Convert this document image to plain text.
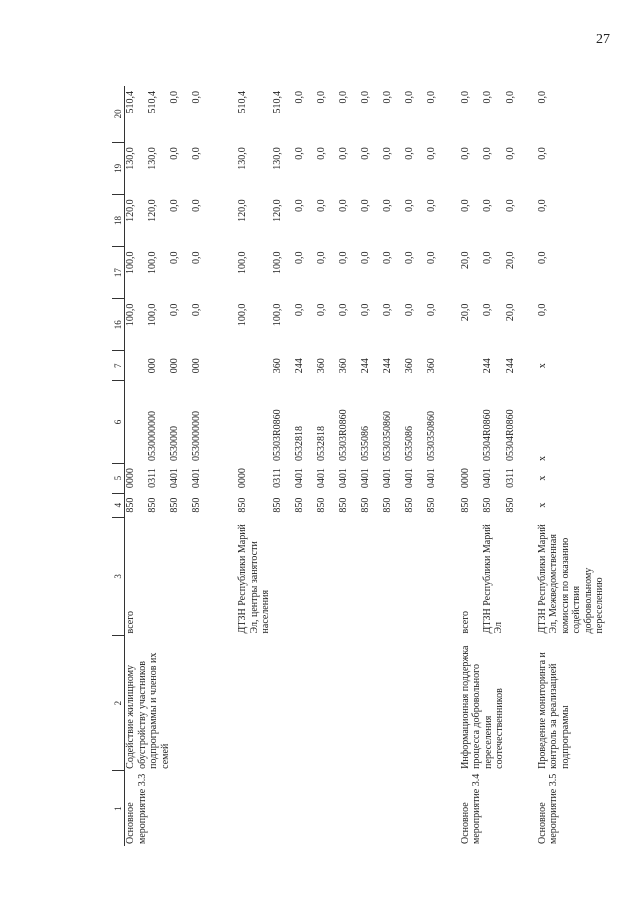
27
1	2	3	4	5	6	7	16	17	18	19	20
Основное мероприятие 3.3	Содействие жилищному обустройству участников подпрограммы и членов их семей	всего	850	0000			100,0	100,0	120,0	130,0	510,4
			850	0311	0530000000	000	100,0	100,0	120,0	130,0	510,4
			850	0401	0530000	000	0,0	0,0	0,0	0,0	0,0
			850	0401	0530000000	000	0,0	0,0	0,0	0,0	0,0
		ДТЗН Республики Марий Эл, центры занятости населения	850	0000			100,0	100,0	120,0	130,0	510,4
			850	0311	05303R0860	360	100,0	100,0	120,0	130,0	510,4
			850	0401	0532818	244	0,0	0,0	0,0	0,0	0,0
			850	0401	0532818	360	0,0	0,0	0,0	0,0	0,0
			850	0401	05303R0860	360	0,0	0,0	0,0	0,0	0,0
			850	0401	0535086	244	0,0	0,0	0,0	0,0	0,0
			850	0401	0530350860	244	0,0	0,0	0,0	0,0	0,0
			850	0401	0535086	360	0,0	0,0	0,0	0,0	0,0
			850	0401	0530350860	360	0,0	0,0	0,0	0,0	0,0

Основное мероприятие 3.4	Информационная поддержка процесса добровольного переселения соотечественников	всего	850	0000			20,0	20,0	0,0	0,0	0,0
		ДТЗН Республики Марий Эл	850	0401	05304R0860	244	0,0	0,0	0,0	0,0	0,0
			850	0311	05304R0860	244	20,0	20,0	0,0	0,0	0,0

Основное мероприятие 3.5	Проведение мониторинга и контроль за реализацией подпрограммы	ДТЗН Республики Марий Эл, Межведомственная комиссия по оказанию содействия добровольному переселению	x	x	x	x	0,0	0,0	0,0	0,0	0,0
